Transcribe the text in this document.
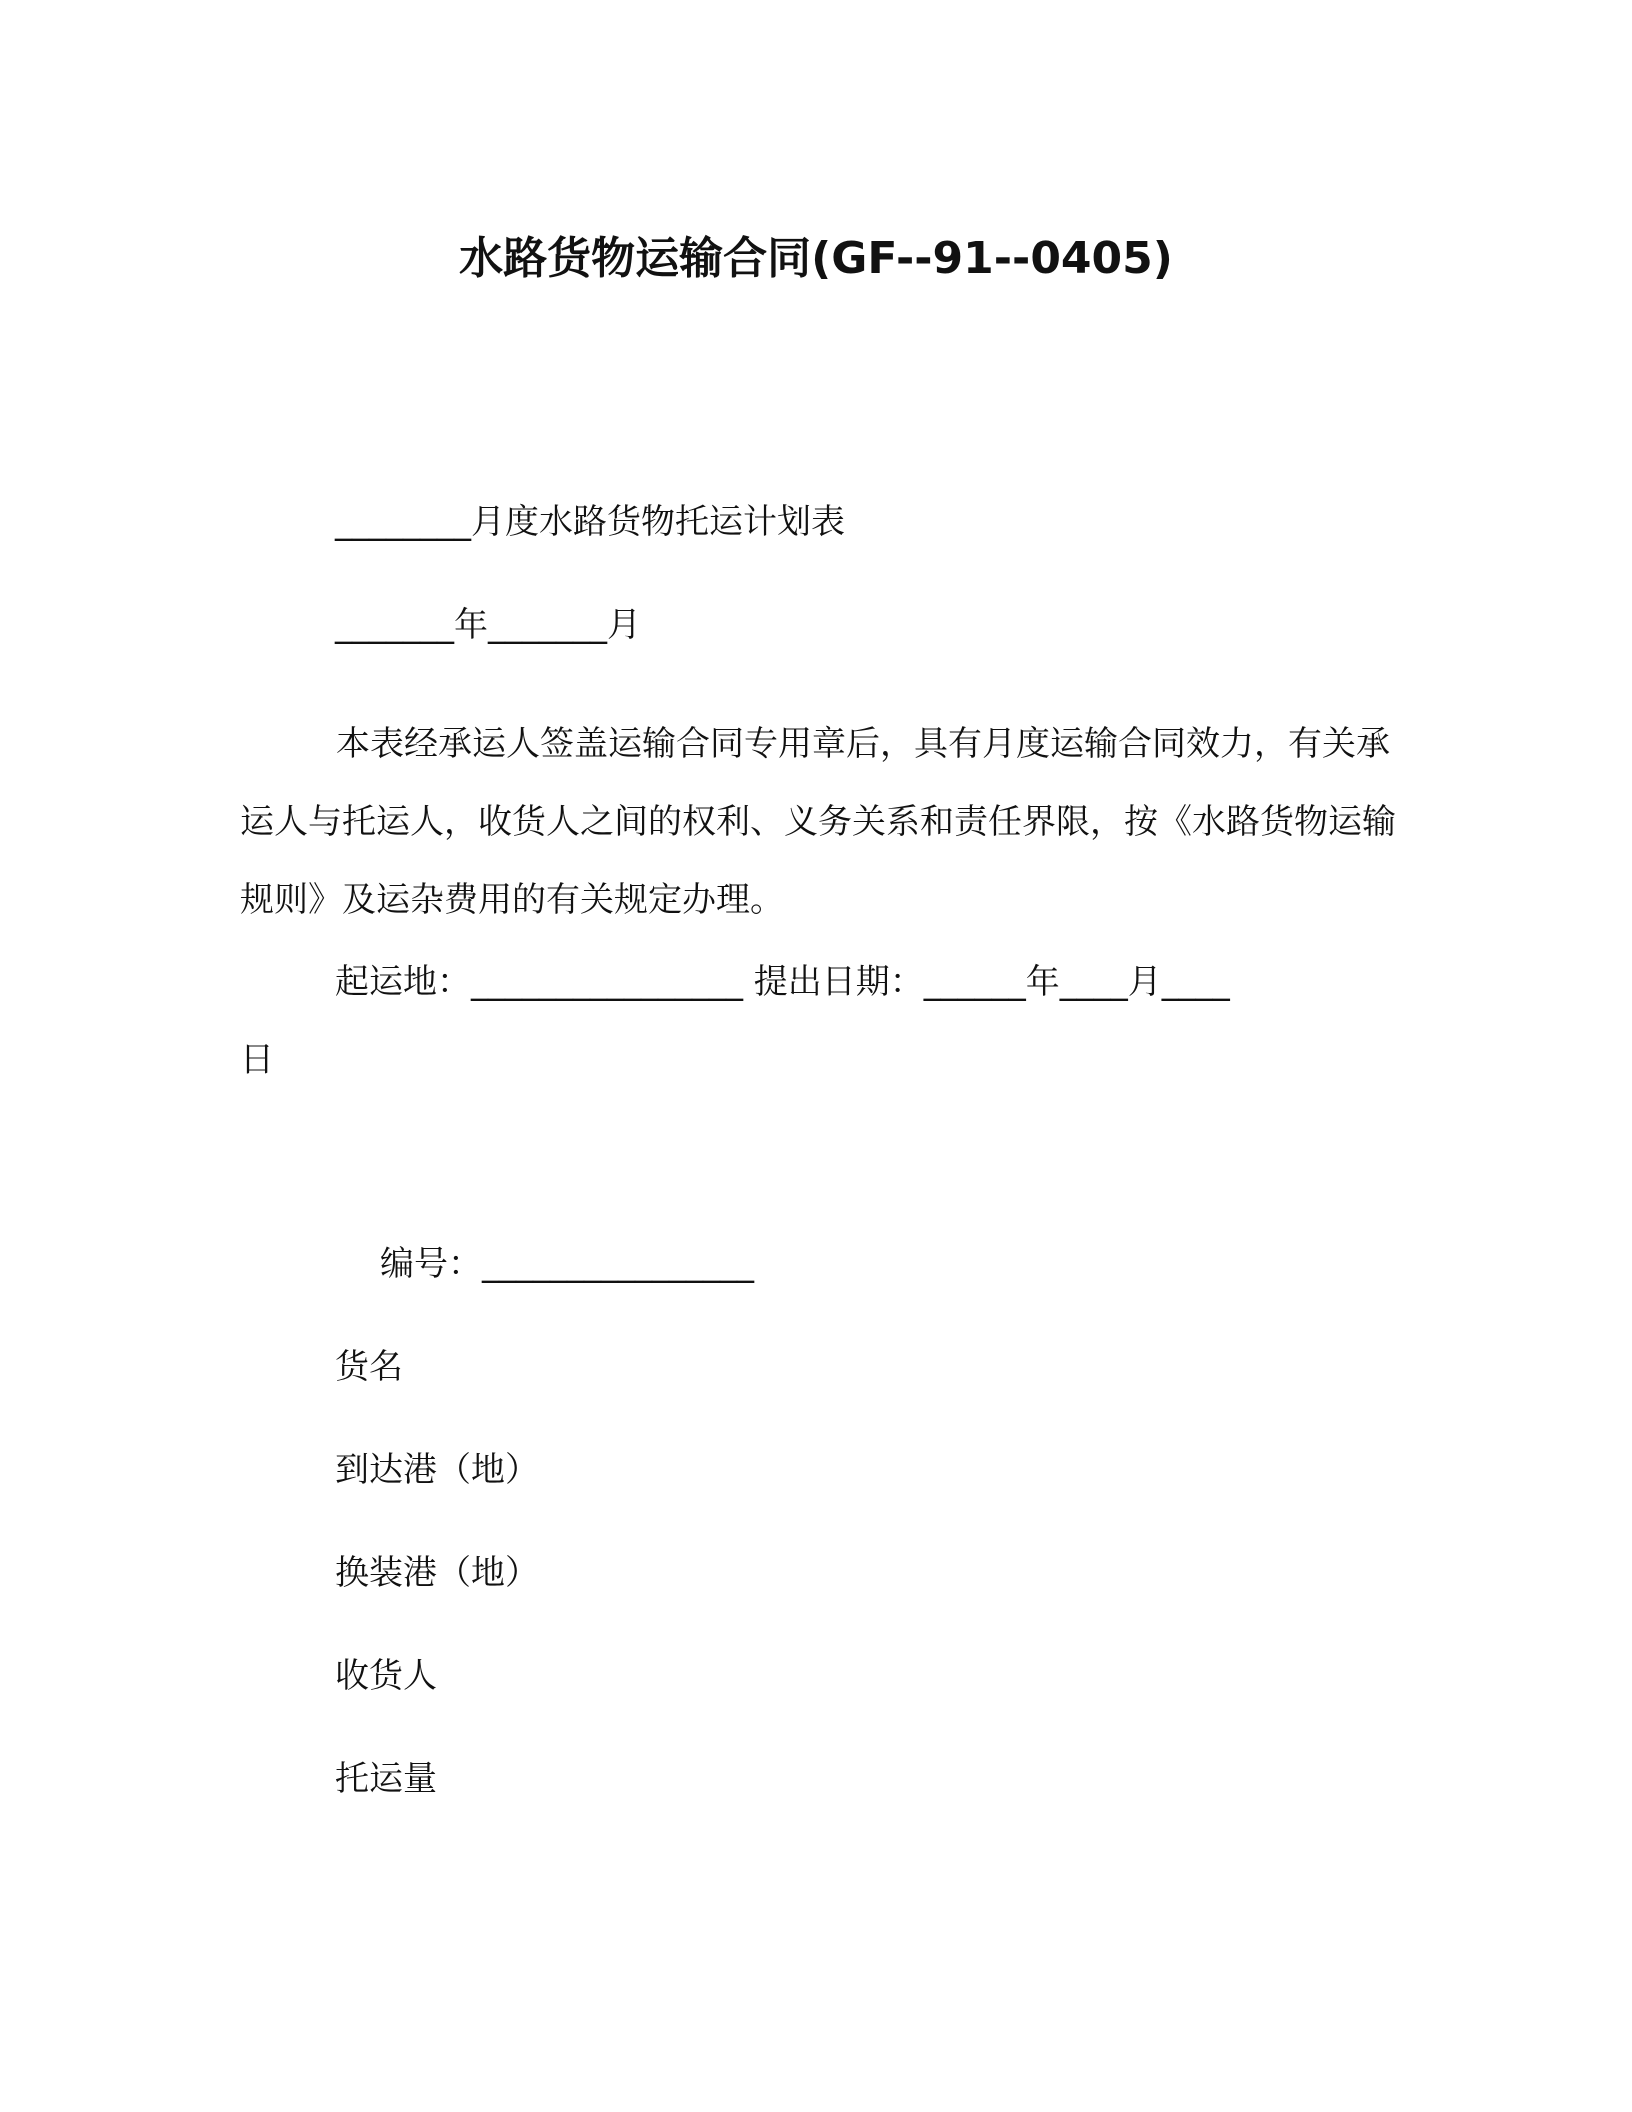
水路货物运输合同(GF--91--0405)
________月度水路货物托运计划表
_______年_______月
本表经承运人签盖运输合同专用章后，具有月度运输合同效力，有关承运人与托运人，收货人之间的权利、义务关系和责任界限，按《水路货物运输规则》及运杂费用的有关规定办理。
起运地：________________ 提出日期：______年____月____
日
编号：________________
货名
到达港（地）
换装港（地）
收货人
托运量
